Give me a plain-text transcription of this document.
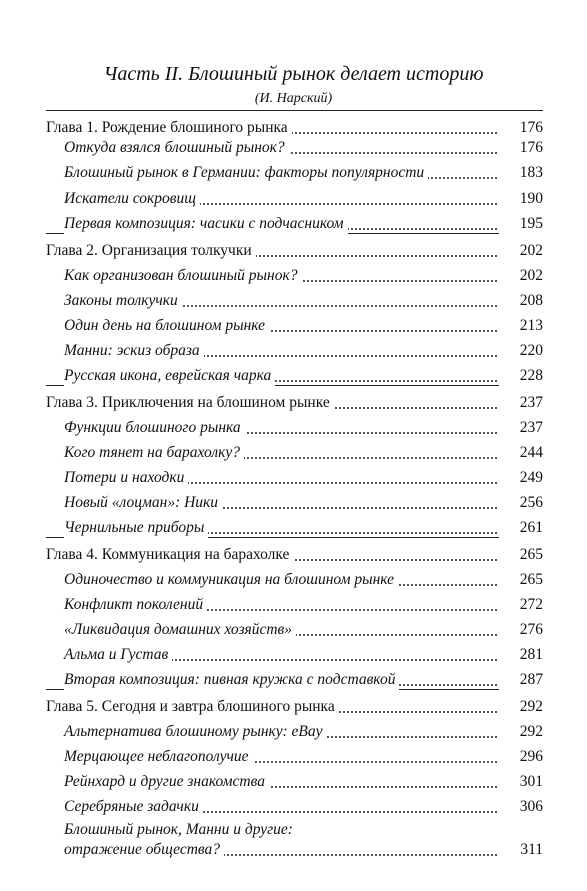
Часть II. Блошиный рынок делает историю
(И. Нарский)
Глава 1. Рождение блошиного рынка	176
Откуда взялся блошиный рынок?	176
Блошиный рынок в Германии: факторы популярности	183
Искатели сокровищ	190
Первая композиция: часики с подчасником	195
Глава 2. Организация толкучки	202
Как организован блошиный рынок?	202
Законы толкучки	208
Один день на блошином рынке	213
Манни: эскиз образа	220
Русская икона, еврейская чарка	228
Глава 3. Приключения на блошином рынке	237
Функции блошиного рынка	237
Кого тянет на барахолку?	244
Потери и находки	249
Новый «лоцман»: Ники	256
Чернильные приборы	261
Глава 4. Коммуникация на барахолке	265
Одиночество и коммуникация на блошином рынке	265
Конфликт поколений	272
«Ликвидация домашних хозяйств»	276
Альма и Густав	281
Вторая композиция: пивная кружка с подставкой	287
Глава 5. Сегодня и завтра блошиного рынка	292
Альтернатива блошиному рынку: eBay	292
Мерцающее неблагополучие	296
Рейнхард и другие знакомства	301
Серебряные задачки	306
Блошиный рынок, Манни и другие:
отражение общества?	311
